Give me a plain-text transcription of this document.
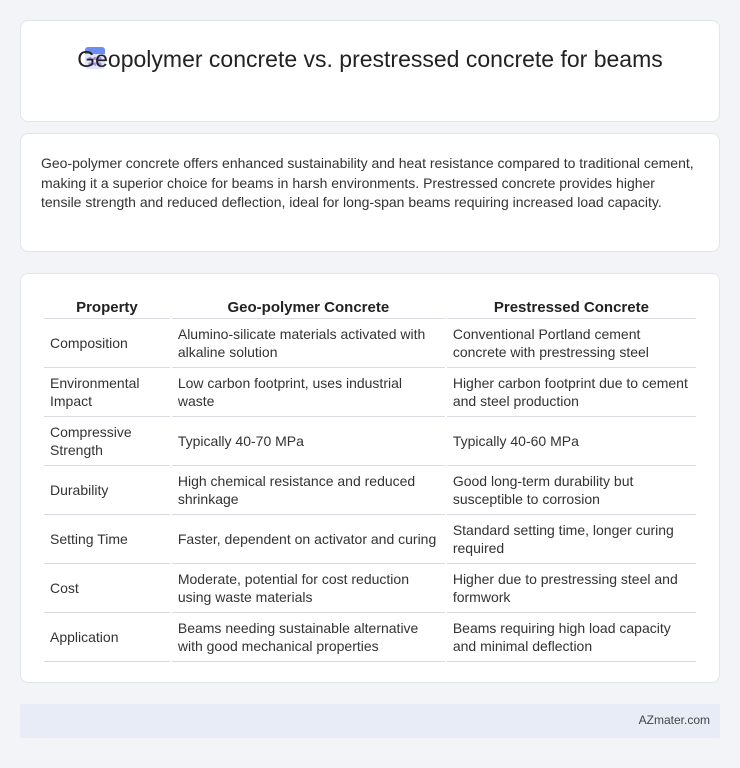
Geopolymer concrete vs. prestressed concrete for beams

Geo-polymer concrete offers enhanced sustainability and heat resistance compared to traditional cement, making it a superior choice for beams in harsh environments. Prestressed concrete provides higher tensile strength and reduced deflection, ideal for long-span beams requiring increased load capacity.

Property	Geo-polymer Concrete	Prestressed Concrete
Composition	Alumino-silicate materials activated with alkaline solution	Conventional Portland cement concrete with prestressing steel
Environmental Impact	Low carbon footprint, uses industrial waste	Higher carbon footprint due to cement and steel production
Compressive Strength	Typically 40-70 MPa	Typically 40-60 MPa
Durability	High chemical resistance and reduced shrinkage	Good long-term durability but susceptible to corrosion
Setting Time	Faster, dependent on activator and curing	Standard setting time, longer curing required
Cost	Moderate, potential for cost reduction using waste materials	Higher due to prestressing steel and formwork
Application	Beams needing sustainable alternative with good mechanical properties	Beams requiring high load capacity and minimal deflection
AZmater.com
